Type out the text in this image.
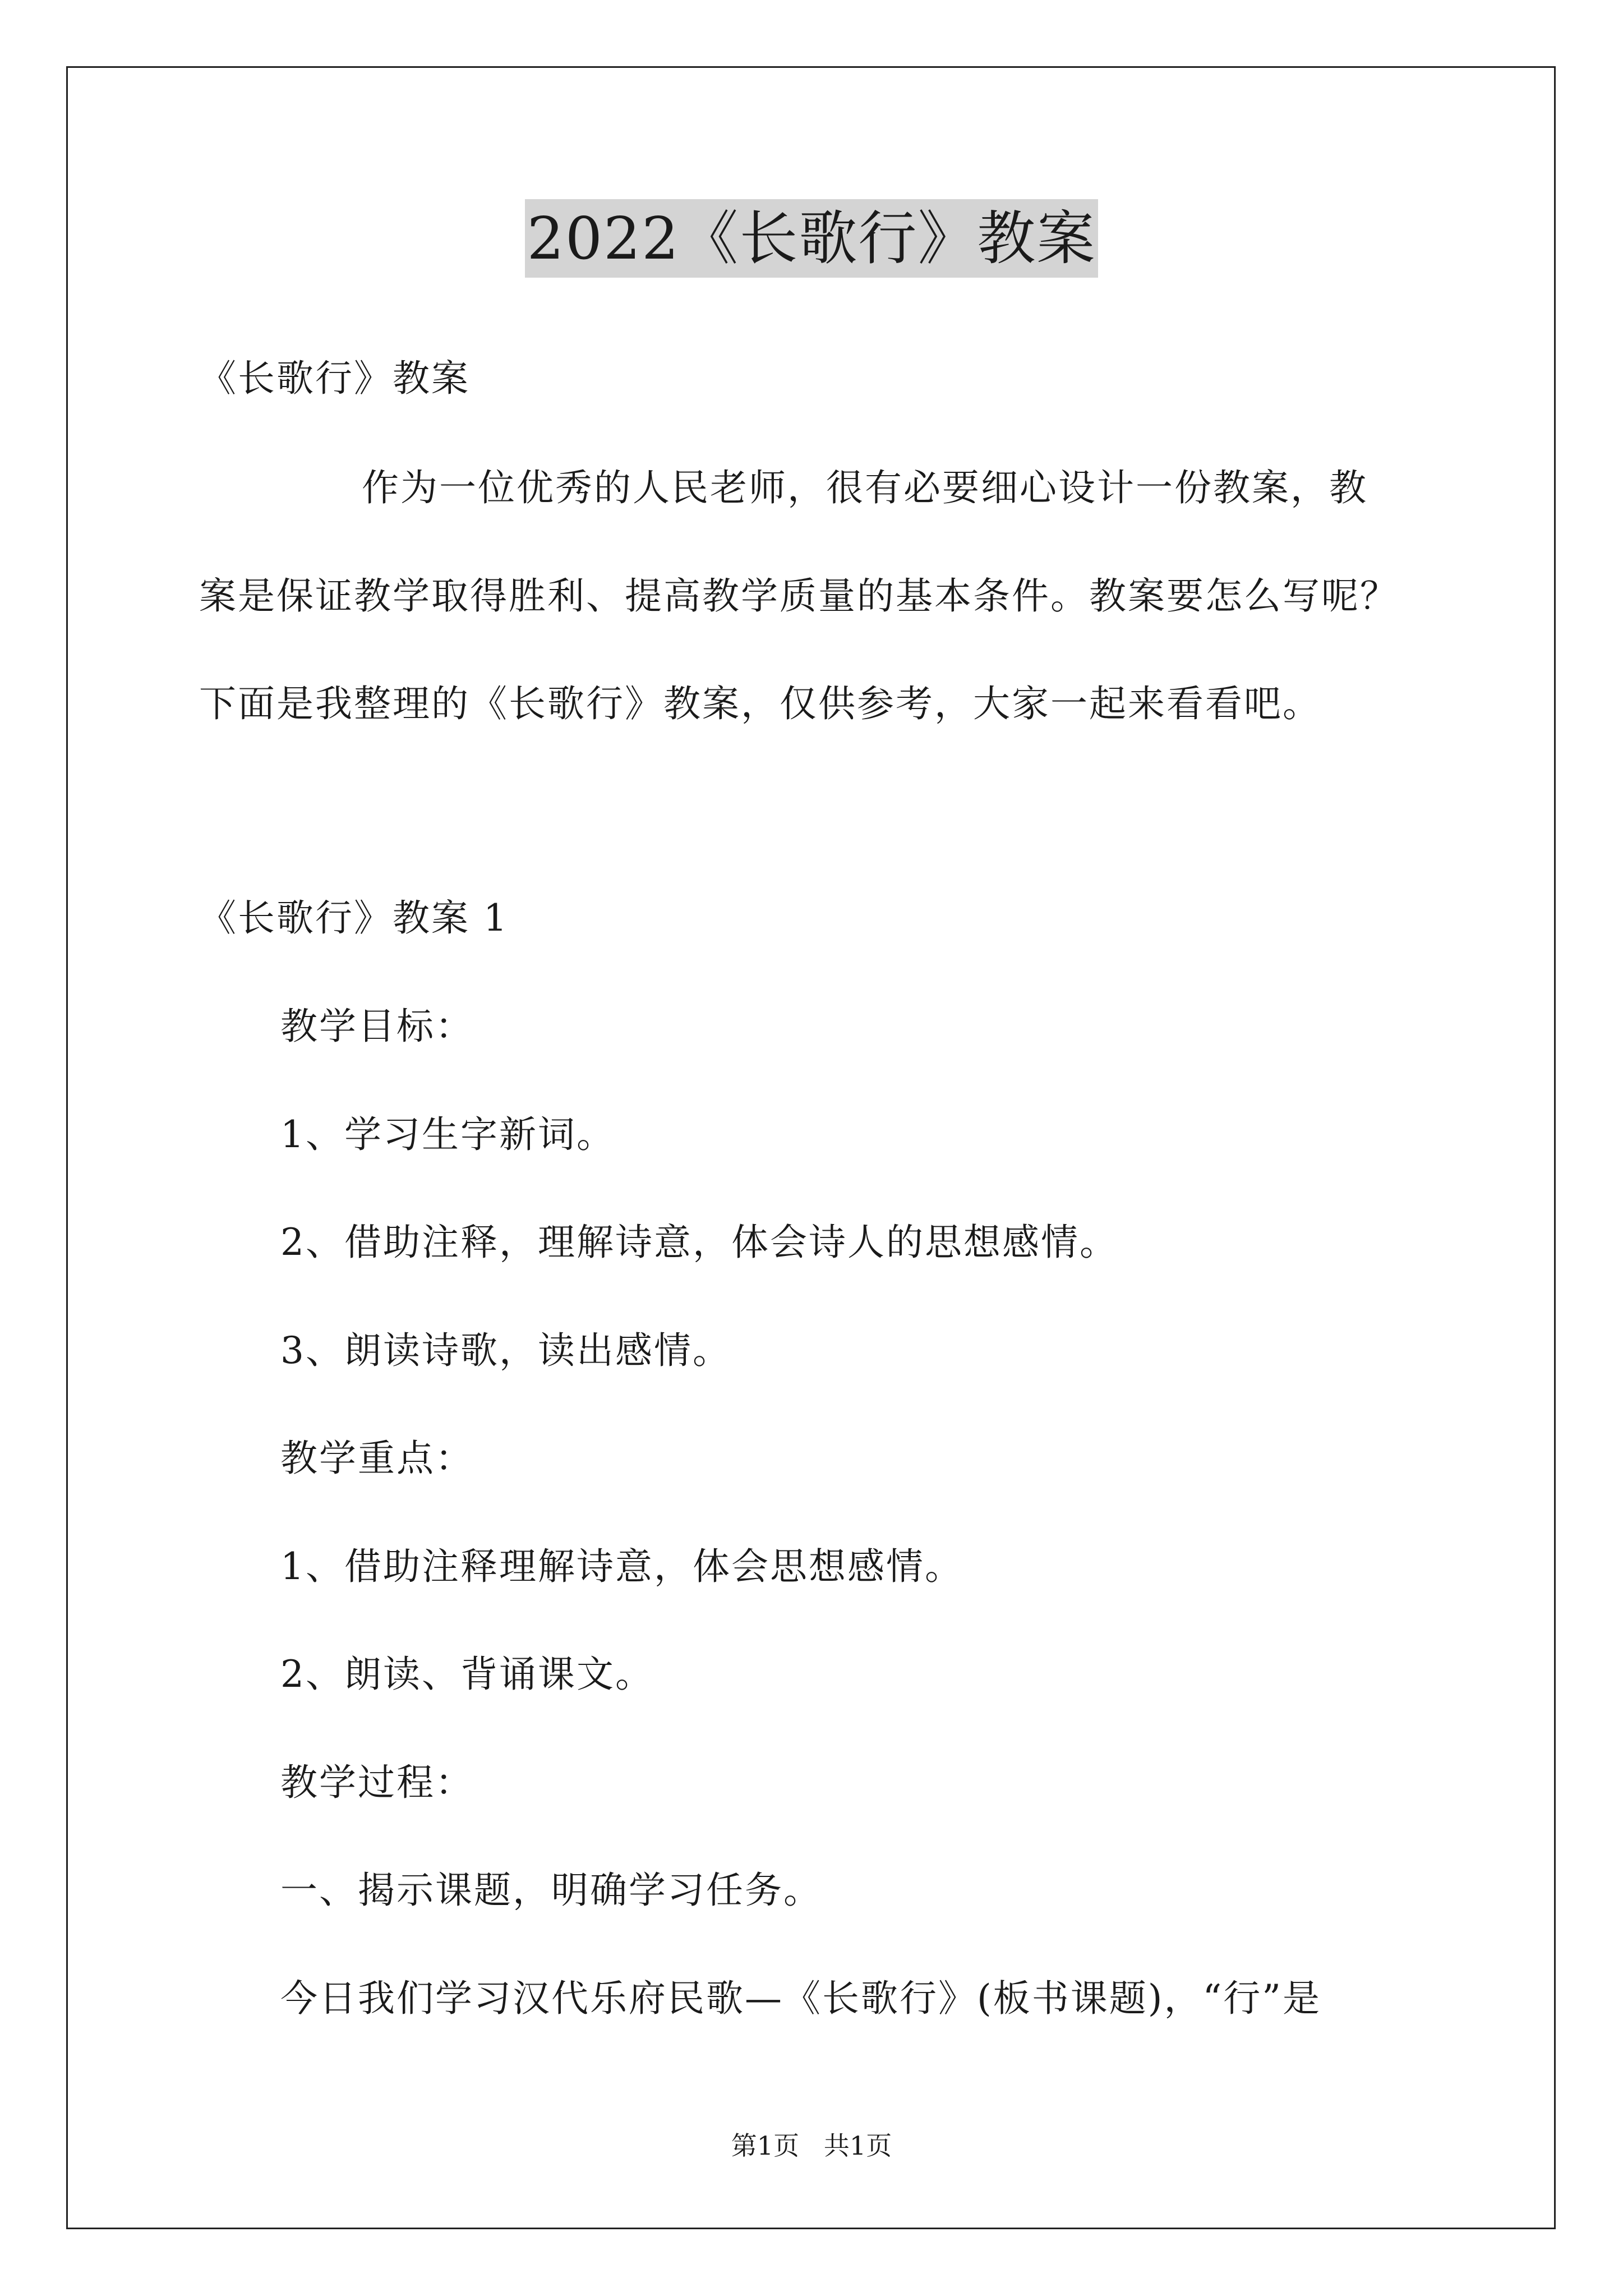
2022《长歌行》教案
《长歌行》教案
作为一位优秀的人民老师，很有必要细心设计一份教案，教
案是保证教学取得胜利、提高教学质量的基本条件。教案要怎么写呢？
下面是我整理的《长歌行》教案，仅供参考，大家一起来看看吧。
《长歌行》教案 1
教学目标：
1、学习生字新词。
2、借助注释，理解诗意，体会诗人的思想感情。
3、朗读诗歌，读出感情。
教学重点：
1、借助注释理解诗意，体会思想感情。
2、朗读、背诵课文。
教学过程：
一、揭示课题，明确学习任务。
今日我们学习汉代乐府民歌—《长歌行》(板书课题)，“行”是
第1页   共1页
